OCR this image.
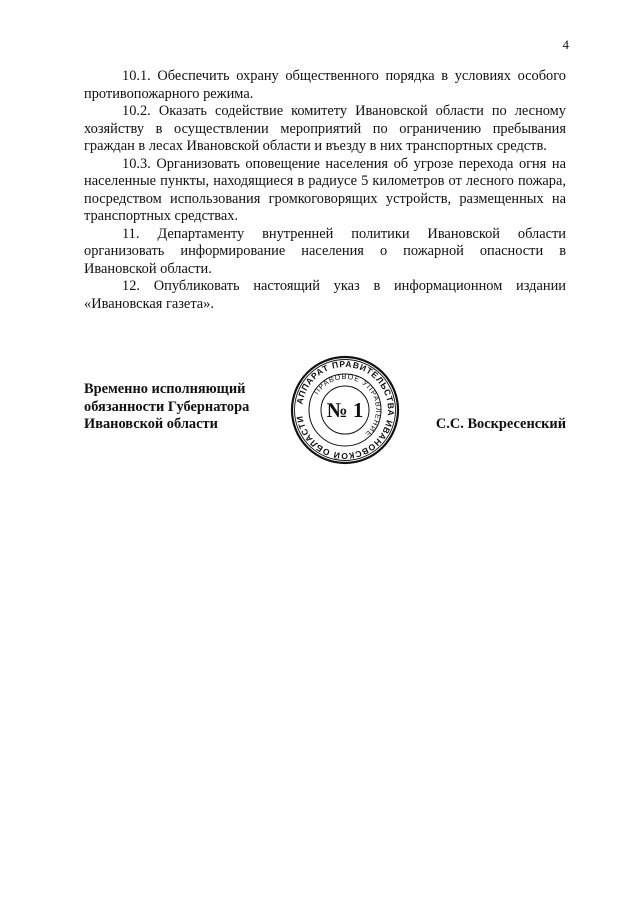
4

10.1. Обеспечить охрану общественного порядка в условиях особого противопожарного режима.

10.2. Оказать содействие комитету Ивановской области по лесному хозяйству в осуществлении мероприятий по ограничению пребывания граждан в лесах Ивановской области и въезду в них транспортных средств.

10.3. Организовать оповещение населения об угрозе перехода огня на населенные пункты, находящиеся в радиусе 5 километров от лесного пожара, посредством использования громкоговорящих устройств, размещенных на транспортных средствах.

11. Департаменту внутренней политики Ивановской области организовать информирование населения о пожарной опасности в Ивановской области.

12. Опубликовать настоящий указ в информационном издании «Ивановская газета».

Временно исполняющий
обязанности Губернатора
Ивановской области
АППАРАТ ПРАВИТЕЛЬСТВА ИВАНОВСКОЙ ОБЛАСТИ
ПРАВОВОЕ УПРАВЛЕНИЕ
№ 1
С.С. Воскресенский
